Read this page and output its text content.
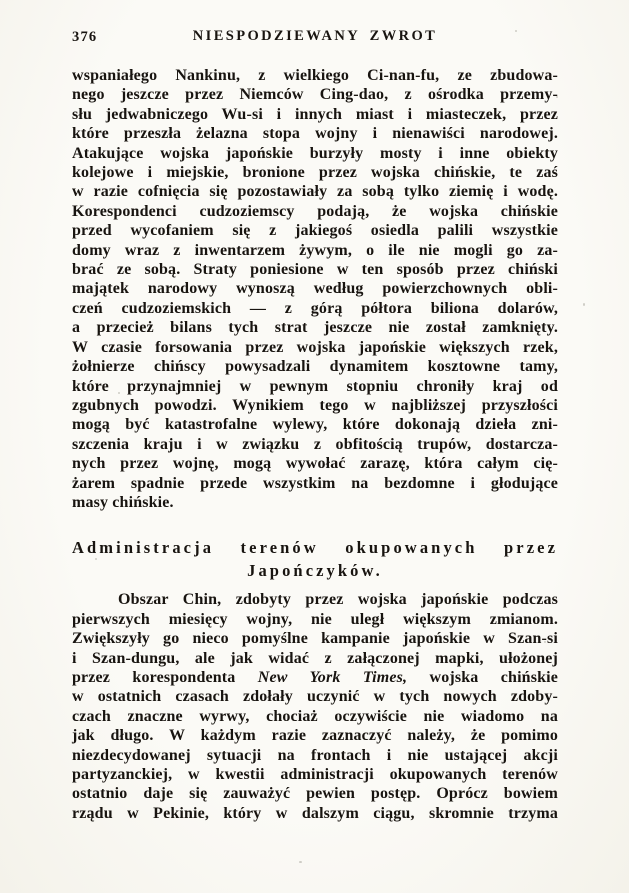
376	NIESPODZIEWANY ZWROT
wspaniałego Nankinu, z wielkiego Ci-nan-fu, ze zbudowa-
nego jeszcze przez Niemców Cing-dao, z ośrodka przemy-
słu jedwabniczego Wu-si i innych miast i miasteczek, przez
które przeszła żelazna stopa wojny i nienawiści narodowej.
Atakujące wojska japońskie burzyły mosty i inne obiekty
kolejowe i miejskie, bronione przez wojska chińskie, te zaś
w razie cofnięcia się pozostawiały za sobą tylko ziemię i wodę.
Korespondenci cudzoziemscy podają, że wojska chińskie
przed wycofaniem się z jakiegoś osiedla palili wszystkie
domy wraz z inwentarzem żywym, o ile nie mogli go za-
brać ze sobą. Straty poniesione w ten sposób przez chiński
majątek narodowy wynoszą według powierzchownych obli-
czeń cudzoziemskich — z górą półtora biliona dolarów,
a przecież bilans tych strat jeszcze nie został zamknięty.
W czasie forsowania przez wojska japońskie większych rzek,
żołnierze chińscy powysadzali dynamitem kosztowne tamy,
które przynajmniej w pewnym stopniu chroniły kraj od
zgubnych powodzi. Wynikiem tego w najbliższej przyszłości
mogą być katastrofalne wylewy, które dokonają dzieła zni-
szczenia kraju i w związku z obfitością trupów, dostarcza-
nych przez wojnę, mogą wywołać zarazę, która całym cię-
żarem spadnie przede wszystkim na bezdomne i głodujące
masy chińskie.
Administracja terenów okupowanych przez
Japończyków.
Obszar Chin, zdobyty przez wojska japońskie podczas
pierwszych miesięcy wojny, nie uległ większym zmianom.
Zwiększyły go nieco pomyślne kampanie japońskie w Szan-si
i Szan-dungu, ale jak widać z załączonej mapki, ułożonej
przez korespondenta New York Times, wojska chińskie
w ostatnich czasach zdołały uczynić w tych nowych zdoby-
czach znaczne wyrwy, chociaż oczywiście nie wiadomo na
jak długo. W każdym razie zaznaczyć należy, że pomimo
niezdecydowanej sytuacji na frontach i nie ustającej akcji
partyzanckiej, w kwestii administracji okupowanych terenów
ostatnio daje się zauważyć pewien postęp. Oprócz bowiem
rządu w Pekinie, który w dalszym ciągu, skromnie trzyma
